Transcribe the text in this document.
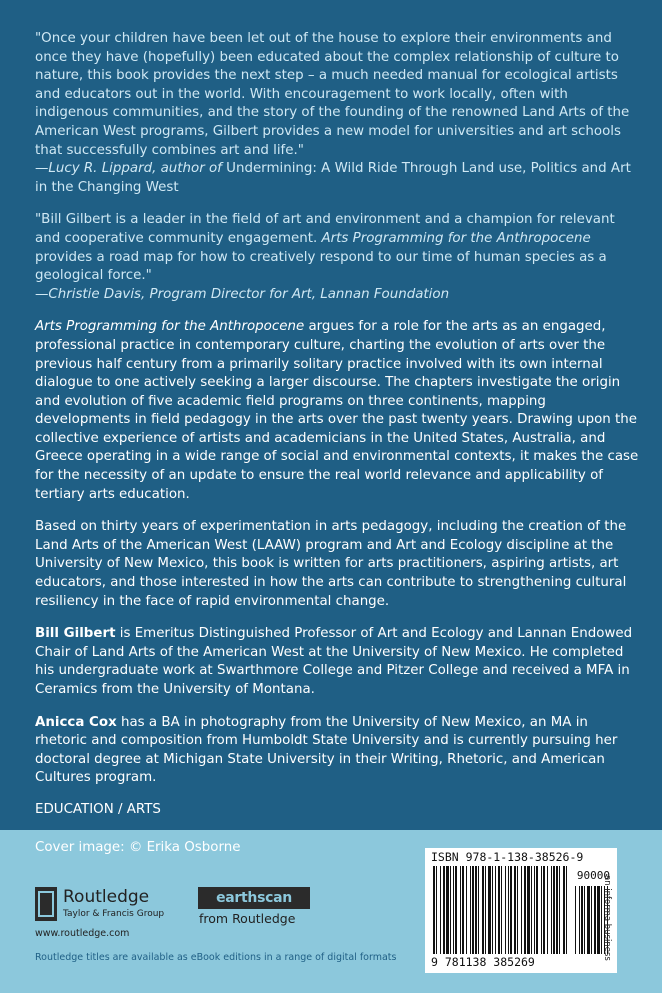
"Once your children have been let out of the house to explore their environments and once they have (hopefully) been educated about the complex relationship of culture to nature, this book provides the next step – a much needed manual for ecological artists and educators out in the world. With encouragement to work locally, often with indigenous communities, and the story of the founding of the renowned Land Arts of the American West programs, Gilbert provides a new model for universities and art schools that successfully combines art and life."
—Lucy R. Lippard, author of Undermining: A Wild Ride Through Land use, Politics and Art in the Changing West

"Bill Gilbert is a leader in the field of art and environment and a champion for relevant and cooperative community engagement. Arts Programming for the Anthropocene provides a road map for how to creatively respond to our time of human species as a geological force."
—Christie Davis, Program Director for Art, Lannan Foundation

Arts Programming for the Anthropocene argues for a role for the arts as an engaged, professional practice in contemporary culture, charting the evolution of arts over the previous half century from a primarily solitary practice involved with its own internal dialogue to one actively seeking a larger discourse. The chapters investigate the origin and evolution of five academic field programs on three continents, mapping developments in field pedagogy in the arts over the past twenty years. Drawing upon the collective experience of artists and academicians in the United States, Australia, and Greece operating in a wide range of social and environmental contexts, it makes the case for the necessity of an update to ensure the real world relevance and applicability of tertiary arts education.

Based on thirty years of experimentation in arts pedagogy, including the creation of the Land Arts of the American West (LAAW) program and Art and Ecology discipline at the University of New Mexico, this book is written for arts practitioners, aspiring artists, art educators, and those interested in how the arts can contribute to strengthening cultural resiliency in the face of rapid environmental change.

Bill Gilbert is Emeritus Distinguished Professor of Art and Ecology and Lannan Endowed Chair of Land Arts of the American West at the University of New Mexico. He completed his undergraduate work at Swarthmore College and Pitzer College and received a MFA in Ceramics from the University of Montana.

Anicca Cox has a BA in photography from the University of New Mexico, an MA in rhetoric and composition from Humboldt State University and is currently pursuing her doctoral degree at Michigan State University in their Writing, Rhetoric, and American Cultures program.

EDUCATION / ARTS

Cover image: © Erika Osborne
Routledge
Taylor & Francis Group
earthscan
from Routledge
www.routledge.com
Routledge titles are available as eBook editions in a range of digital formats
ISBN 978-1-138-38526-9
90000
9 781138 385269
an informa business
